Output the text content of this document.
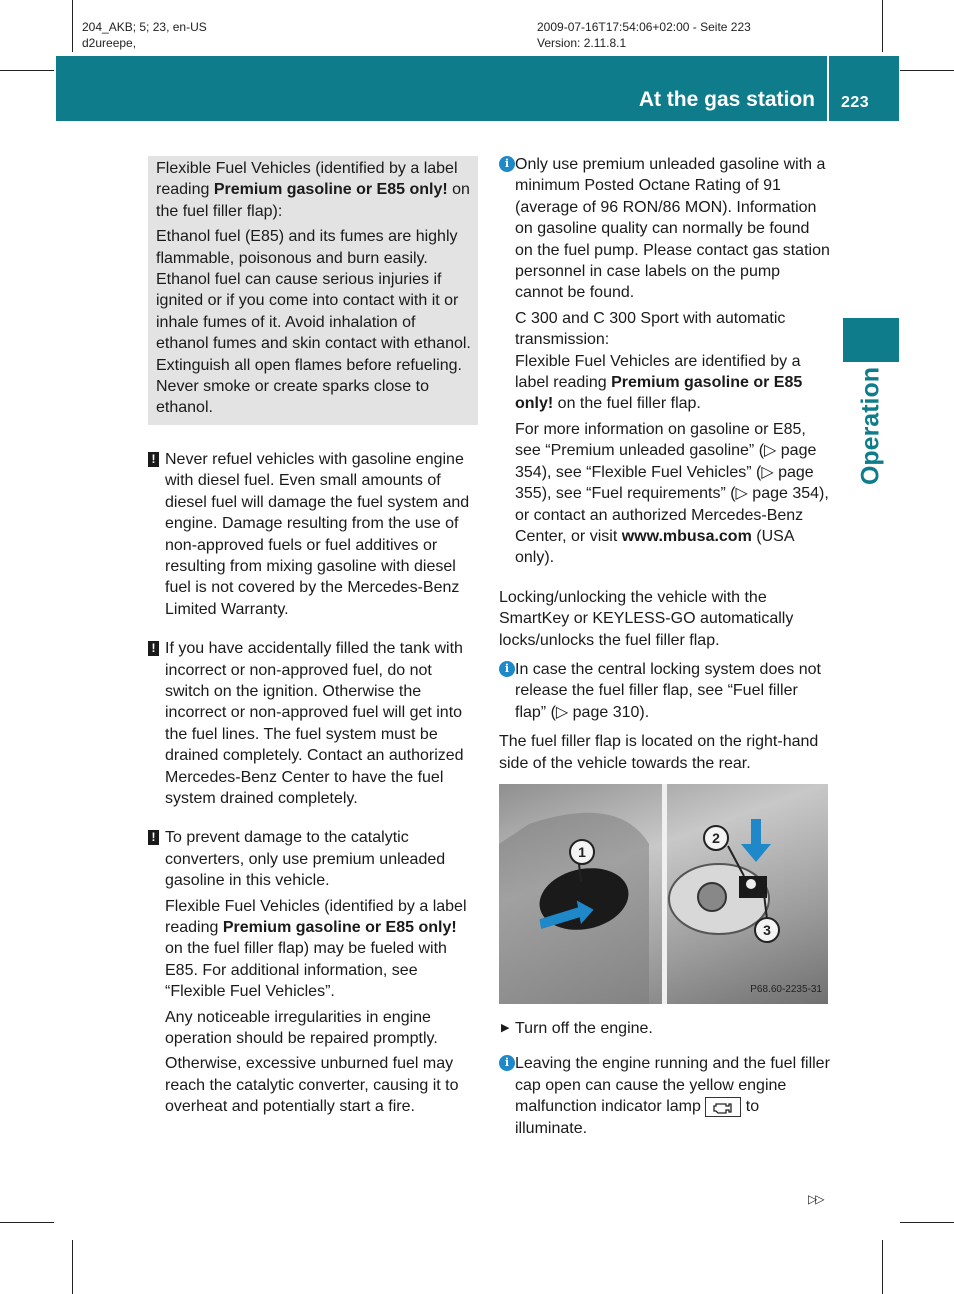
204_AKB; 5; 23, en-US
d2ureepe,
2009-07-16T17:54:06+02:00 - Seite 223
Version: 2.11.8.1
At the gas station 223
Operation

Flexible Fuel Vehicles (identified by a label reading Premium gasoline or E85 only! on the fuel filler flap):

Ethanol fuel (E85) and its fumes are highly flammable, poisonous and burn easily. Ethanol fuel can cause serious injuries if ignited or if you come into contact with it or inhale fumes of it. Avoid inhalation of ethanol fumes and skin contact with ethanol. Extinguish all open flames before refueling. Never smoke or create sparks close to ethanol.

! Never refuel vehicles with gasoline engine with diesel fuel. Even small amounts of diesel fuel will damage the fuel system and engine. Damage resulting from the use of non-approved fuels or fuel additives or resulting from mixing gasoline with diesel fuel is not covered by the Mercedes-Benz Limited Warranty.

! If you have accidentally filled the tank with incorrect or non-approved fuel, do not switch on the ignition. Otherwise the incorrect or non-approved fuel will get into the fuel lines. The fuel system must be drained completely. Contact an authorized Mercedes-Benz Center to have the fuel system drained completely.

! To prevent damage to the catalytic converters, only use premium unleaded gasoline in this vehicle.

Flexible Fuel Vehicles (identified by a label reading Premium gasoline or E85 only! on the fuel filler flap) may be fueled with E85. For additional information, see “Flexible Fuel Vehicles”.

Any noticeable irregularities in engine operation should be repaired promptly.

Otherwise, excessive unburned fuel may reach the catalytic converter, causing it to overheat and potentially start a fire.

i Only use premium unleaded gasoline with a minimum Posted Octane Rating of 91 (average of 96 RON/86 MON). Information on gasoline quality can normally be found on the fuel pump. Please contact gas station personnel in case labels on the pump cannot be found.

C 300 and C 300 Sport with automatic transmission:
Flexible Fuel Vehicles are identified by a label reading Premium gasoline or E85 only! on the fuel filler flap.

For more information on gasoline or E85, see “Premium unleaded gasoline” (▷ page 354), see “Flexible Fuel Vehicles” (▷ page 355), see “Fuel requirements” (▷ page 354), or contact an authorized Mercedes-Benz Center, or visit www.mbusa.com (USA only).

Locking/unlocking the vehicle with the SmartKey or KEYLESS-GO automatically locks/unlocks the fuel filler flap.

i In case the central locking system does not release the fuel filler flap, see “Fuel filler flap” (▷ page 310).

The fuel filler flap is located on the right-hand side of the vehicle towards the rear.

1
2
3
P68.60-2235-31
▶ Turn off the engine.

i Leaving the engine running and the fuel filler cap open can cause the yellow engine malfunction indicator lamp  to illuminate.

▷▷
